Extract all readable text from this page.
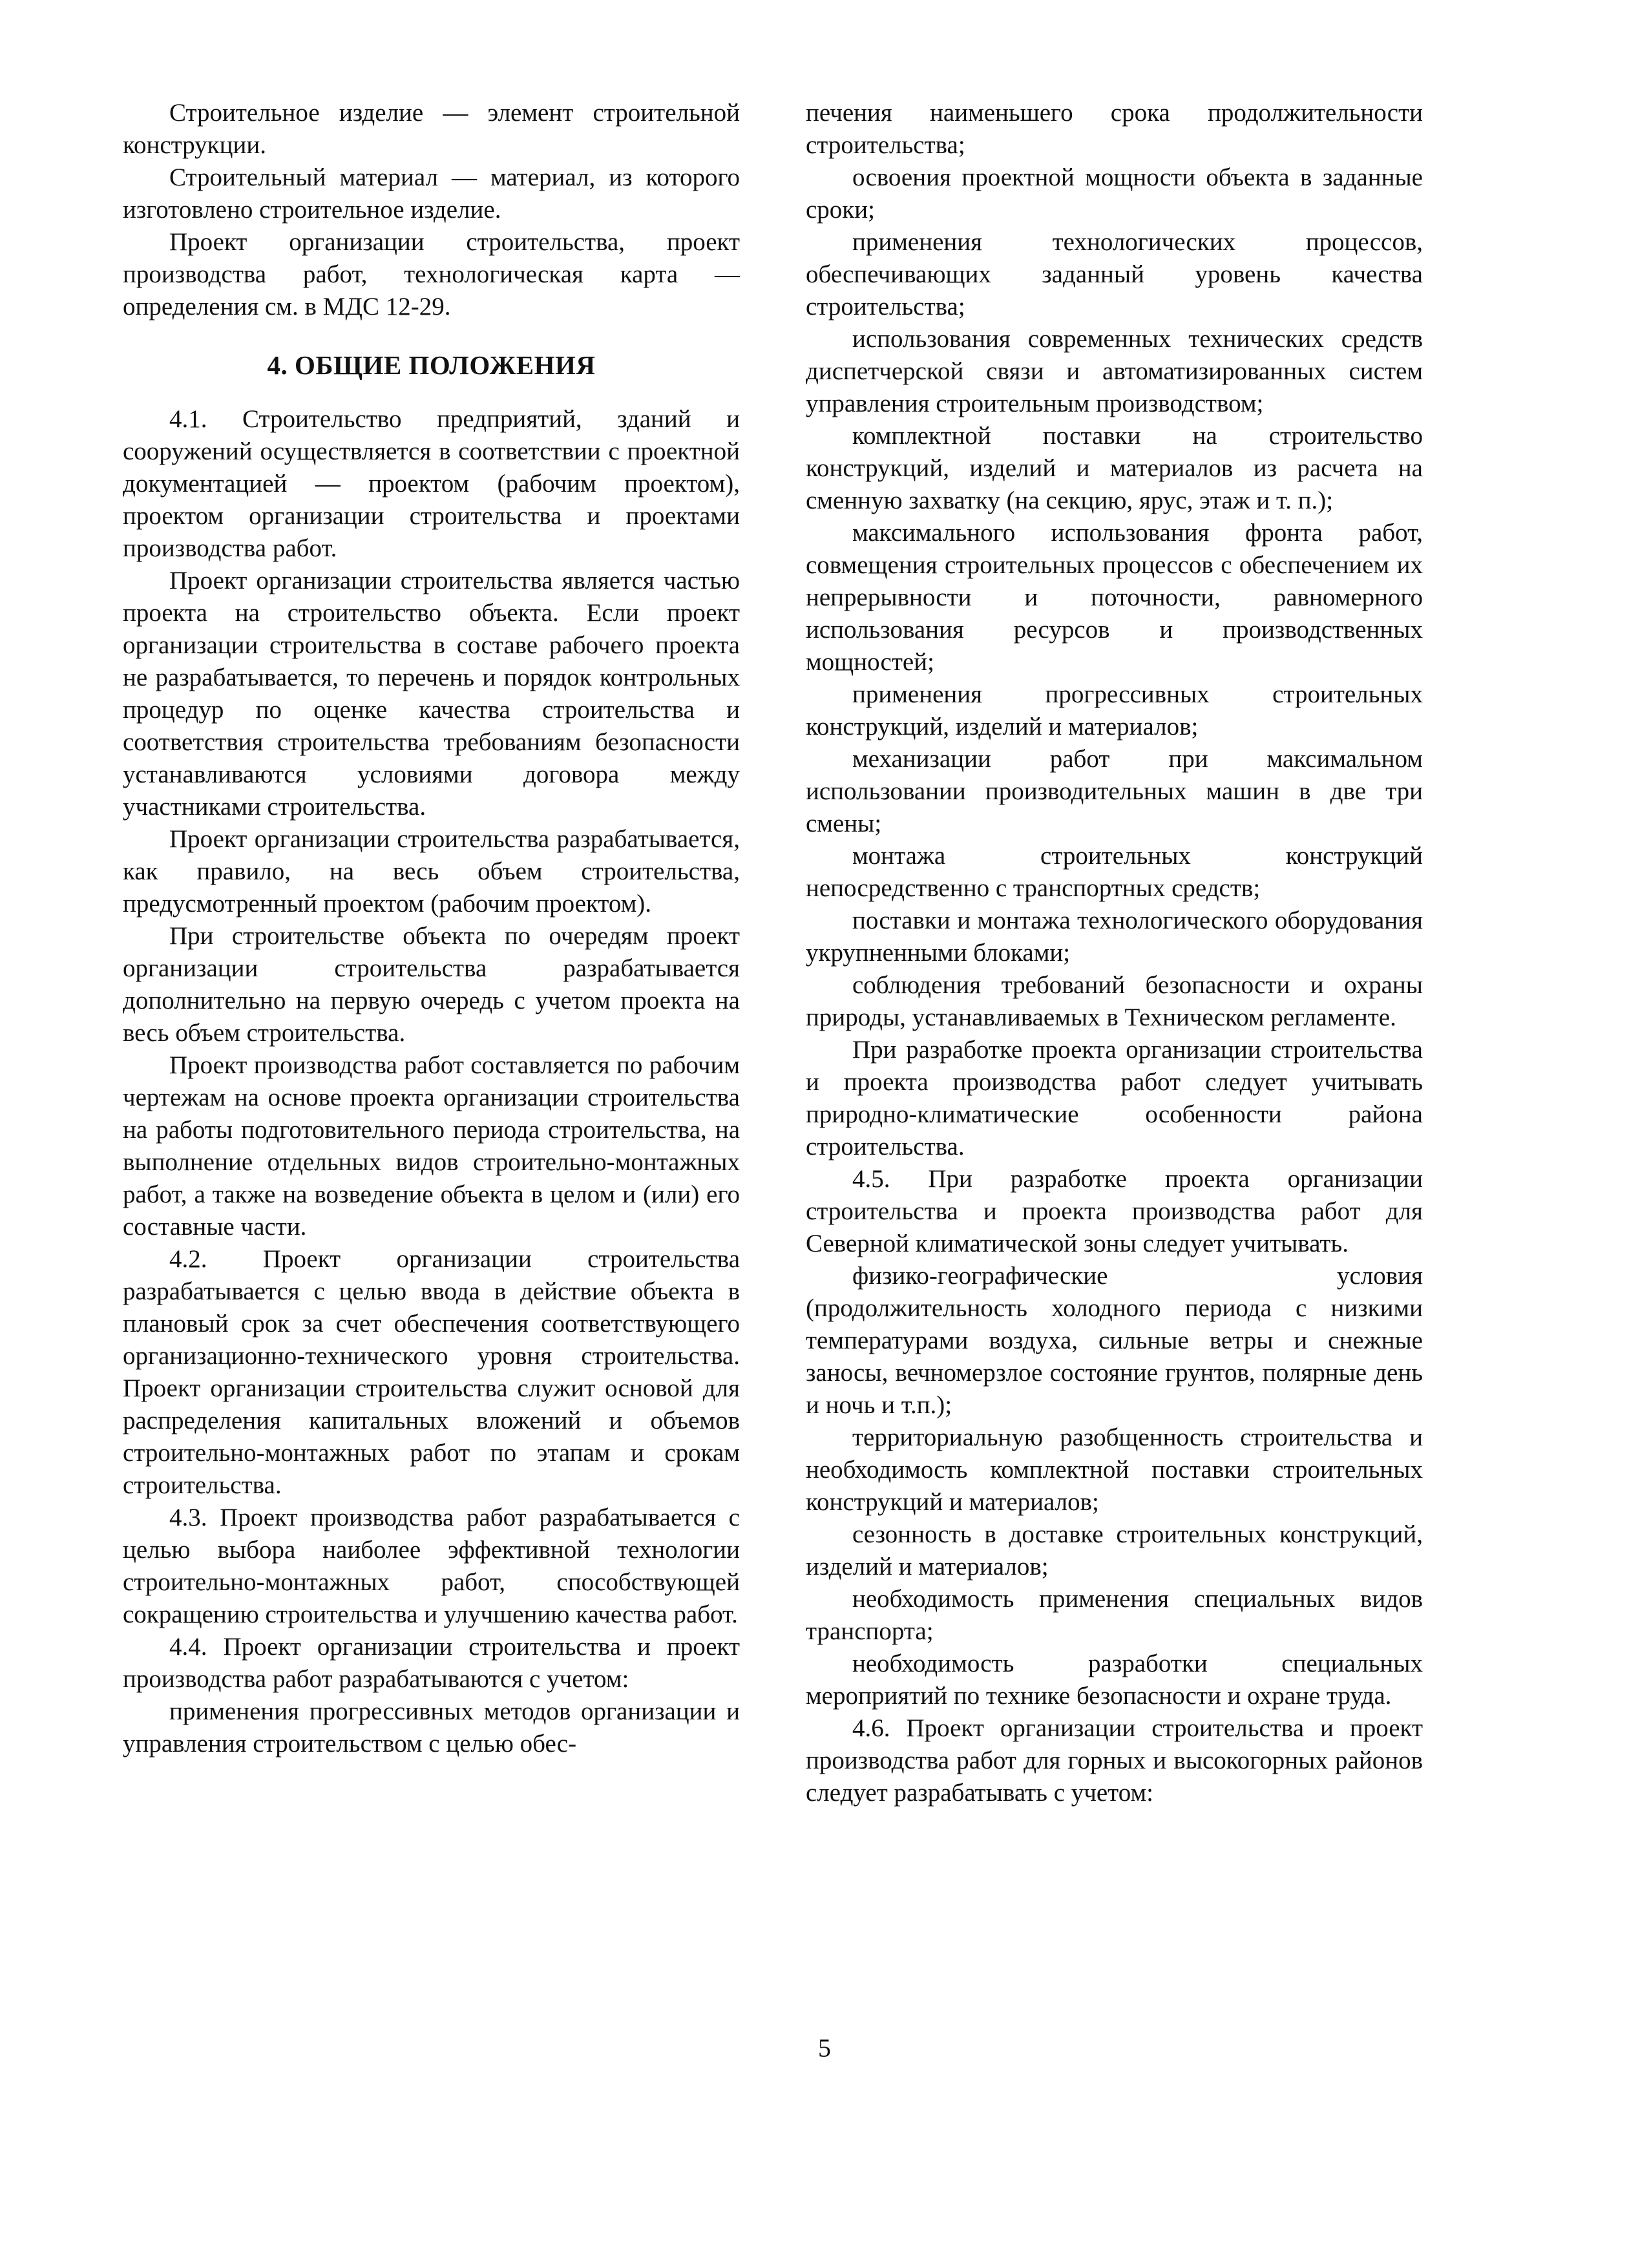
Строительное изделие — элемент строительной конструкции.

Строительный материал — материал, из которого изготовлено строительное изделие.

Проект организации строительства, проект производства работ, технологическая карта — определения см. в МДС 12-29.

4. ОБЩИЕ ПОЛОЖЕНИЯ

4.1. Строительство предприятий, зданий и сооружений осуществляется в соответствии с проектной документацией — проектом (рабочим проектом), проектом организации строительства и проектами производства работ.

Проект организации строительства является частью проекта на строительство объекта. Если проект организации строительства в составе рабочего проекта не разрабатывается, то перечень и порядок контрольных процедур по оценке качества строительства и соответствия строительства требованиям безопасности устанавливаются условиями договора между участниками строительства.

Проект организации строительства разрабатывается, как правило, на весь объем строительства, предусмотренный проектом (рабочим проектом).

При строительстве объекта по очередям проект организации строительства разрабатывается дополнительно на первую очередь с учетом проекта на весь объем строительства.

Проект производства работ составляется по рабочим чертежам на основе проекта организации строительства на работы подготовительного периода строительства, на выполнение отдельных видов строительно-монтажных работ, а также на возведение объекта в целом и (или) его составные части.

4.2. Проект организации строительства разрабатывается с целью ввода в действие объекта в плановый срок за счет обеспечения соответствующего организационно-технического уровня строительства. Проект организации строительства служит основой для распределения капитальных вложений и объемов строительно-монтажных работ по этапам и срокам строительства.

4.3. Проект производства работ разрабатывается с целью выбора наиболее эффективной технологии строительно-монтажных работ, способствующей сокращению строительства и улучшению качества работ.

4.4. Проект организации строительства и проект производства работ разрабатываются с учетом:

применения прогрессивных методов организации и управления строительством с целью обес-

печения наименьшего срока продолжительности строительства;

освоения проектной мощности объекта в заданные сроки;

применения технологических процессов, обеспечивающих заданный уровень качества строительства;

использования современных технических средств диспетчерской связи и автоматизированных систем управления строительным производством;

комплектной поставки на строительство конструкций, изделий и материалов из расчета на сменную захватку (на секцию, ярус, этаж и т. п.);

максимального использования фронта работ, совмещения строительных процессов с обеспечением их непрерывности и поточности, равномерного использования ресурсов и производственных мощностей;

применения прогрессивных строительных конструкций, изделий и материалов;

механизации работ при максимальном использовании производительных машин в две три смены;

монтажа строительных конструкций непосредственно с транспортных средств;

поставки и монтажа технологического оборудования укрупненными блоками;

соблюдения требований безопасности и охраны природы, устанавливаемых в Техническом регламенте.

При разработке проекта организации строительства и проекта производства работ следует учитывать природно-климатические особенности района строительства.

4.5. При разработке проекта организации строительства и проекта производства работ для Северной климатической зоны следует учитывать.

физико-географические условия (продолжительность холодного периода с низкими температурами воздуха, сильные ветры и снежные заносы, вечномерзлое состояние грунтов, полярные день и ночь и т.п.);

территориальную разобщенность строительства и необходимость комплектной поставки строительных конструкций и материалов;

сезонность в доставке строительных конструкций, изделий и материалов;

необходимость применения специальных видов транспорта;

необходимость разработки специальных мероприятий по технике безопасности и охране труда.

4.6. Проект организации строительства и проект производства работ для горных и высокогорных районов следует разрабатывать с учетом:

5
